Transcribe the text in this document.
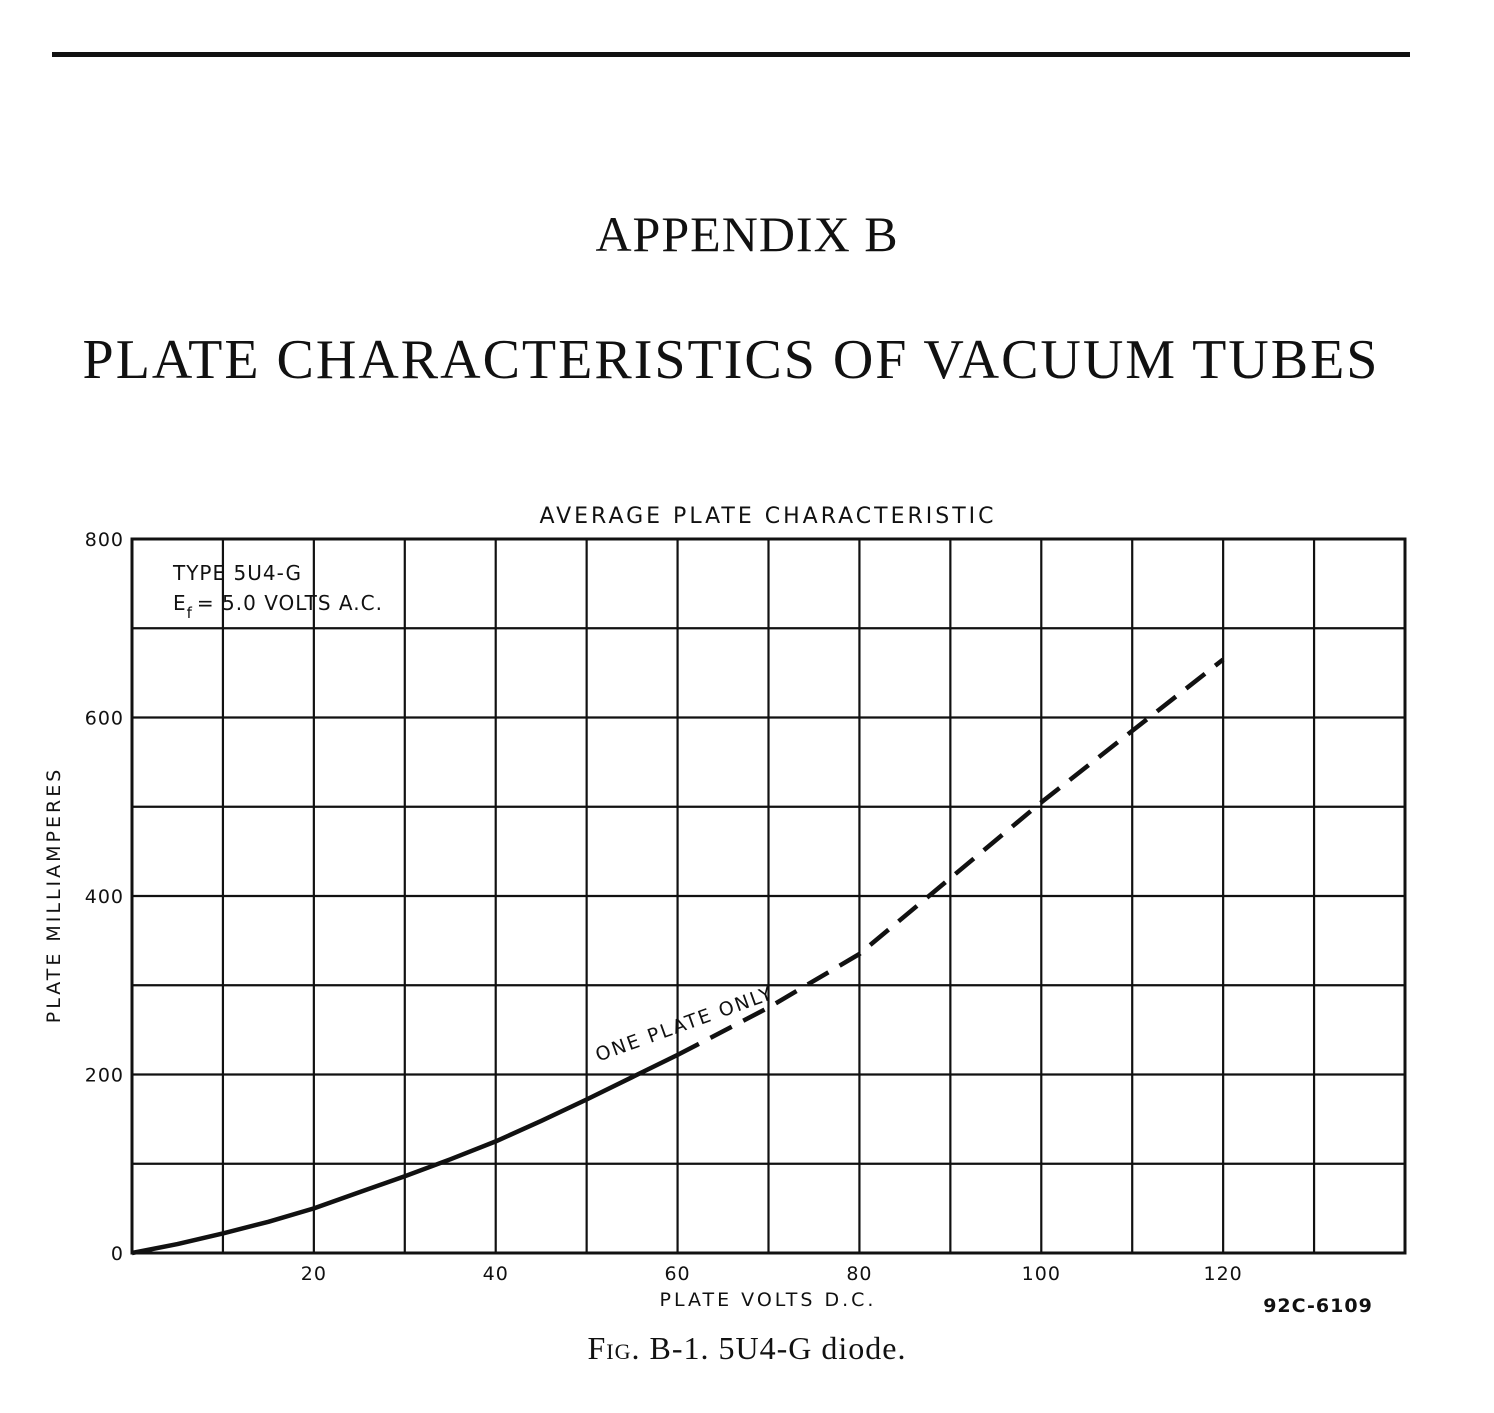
APPENDIX B
PLATE CHARACTERISTICS OF VACUUM TUBES
20	40	60	80	100	120
0
200
400
600
800
AVERAGE PLATE CHARACTERISTIC
PLATE VOLTS D.C.
PLATE MILLIAMPERES
TYPE 5U4-G
$E_f = 5.0$ VOLTS A.C.
92C-6109
ONE PLATE ONLY
Fig. B-1. 5U4-G diode.
